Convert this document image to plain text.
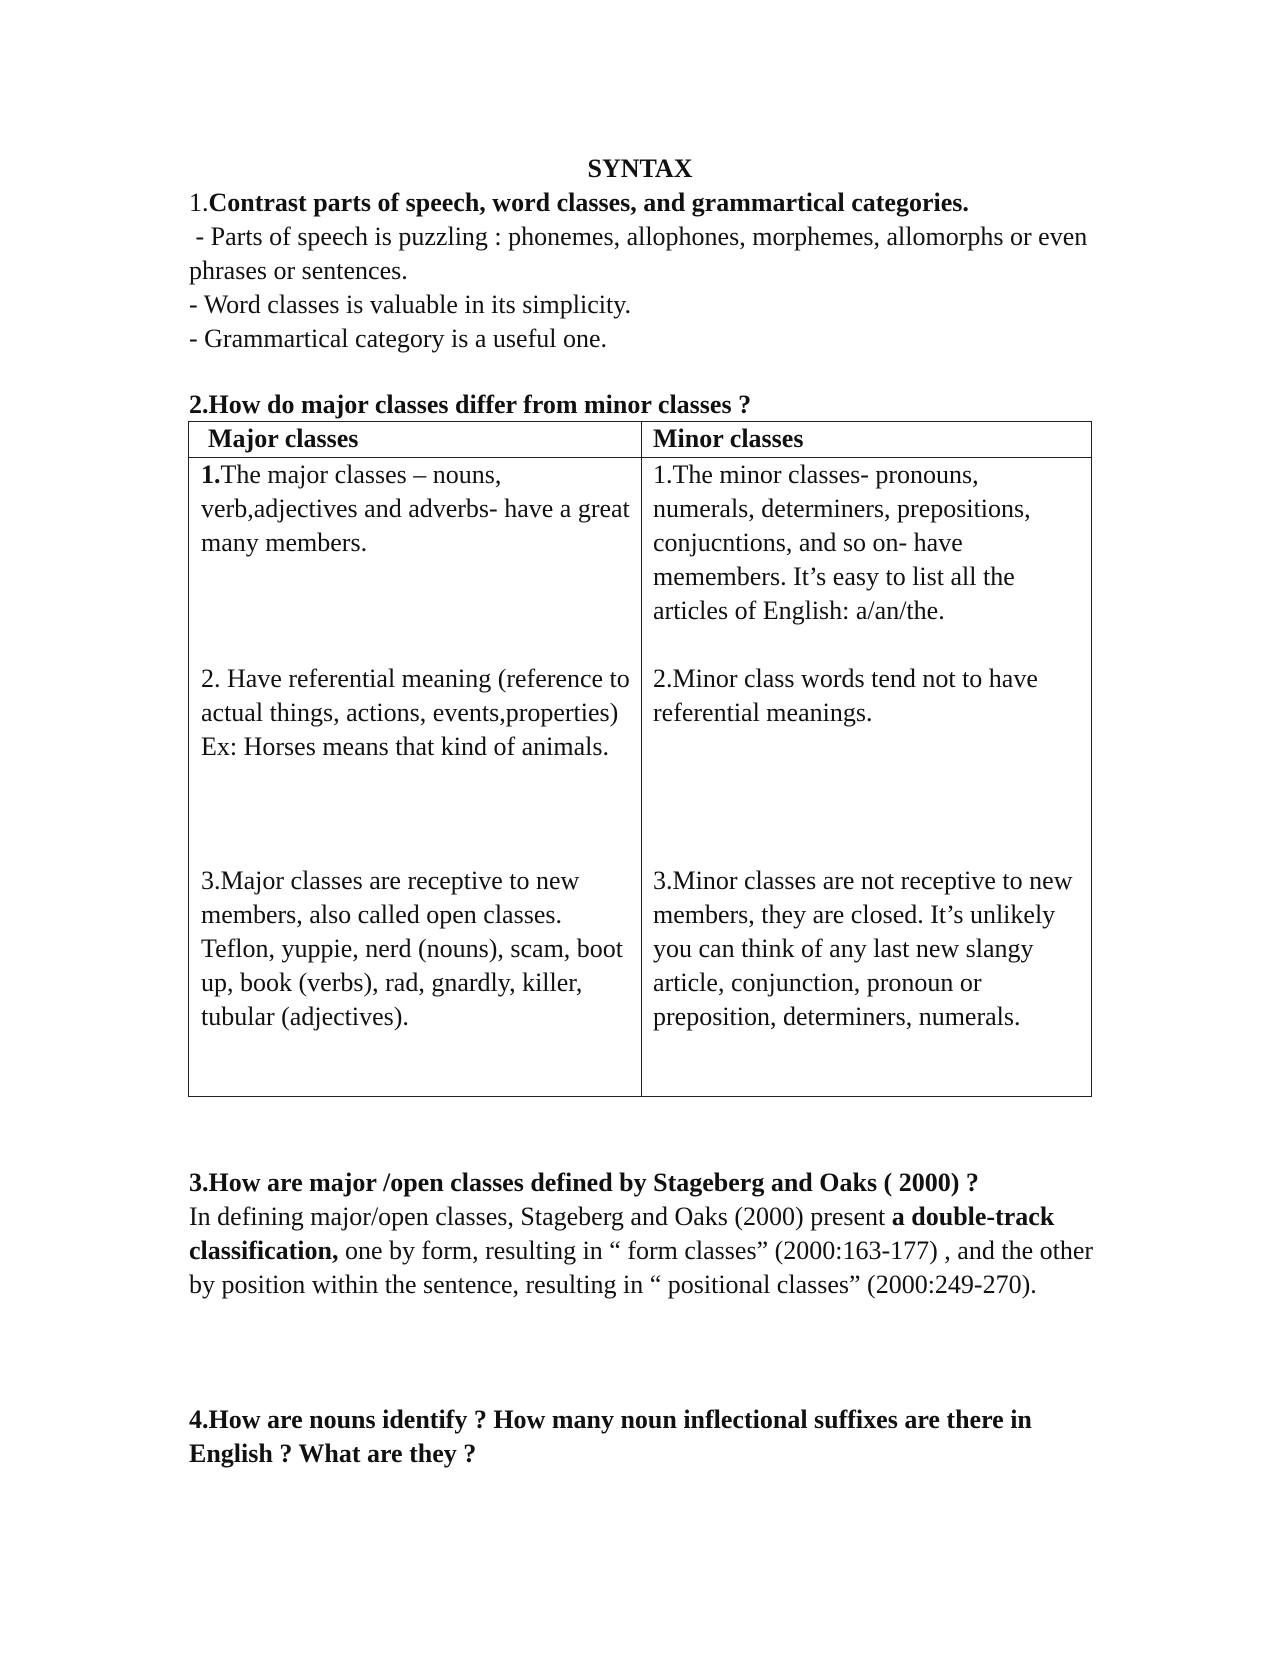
SYNTAX
1.Contrast parts of speech, word classes, and grammartical categories.
- Parts of speech is puzzling : phonemes, allophones, morphemes, allomorphs or even phrases or sentences.
- Word classes is valuable in its simplicity.
- Grammartical category is a useful one.
2.How do major classes differ from minor classes ?
Major classes	Minor classes
1.The major classes – nouns, verb,adjectives and adverbs- have a great many members.
2. Have referential meaning (reference to actual things, actions, events,properties)
Ex: Horses means that kind of animals.
3.Major classes are receptive to new members, also called open classes. Teflon, yuppie, nerd (nouns), scam, boot up, book (verbs), rad, gnardly, killer, tubular (adjectives).
1.The minor classes- pronouns, numerals, determiners, prepositions, conjucntions, and so on- have memembers. It’s easy to list all the articles of English: a/an/the.
2.Minor class words tend not to have referential meanings.
3.Minor classes are not receptive to new members, they are closed. It’s unlikely you can think of any last new slangy article, conjunction, pronoun or preposition, determiners, numerals.
3.How are major /open classes defined by Stageberg and Oaks ( 2000) ?
In defining major/open classes, Stageberg and Oaks (2000) present a double-track classification, one by form, resulting in “ form classes” (2000:163-177) , and the other by position within the sentence, resulting in “ positional classes” (2000:249-270).
4.How are nouns identify ? How many noun inflectional suffixes are there in English ? What are they ?
